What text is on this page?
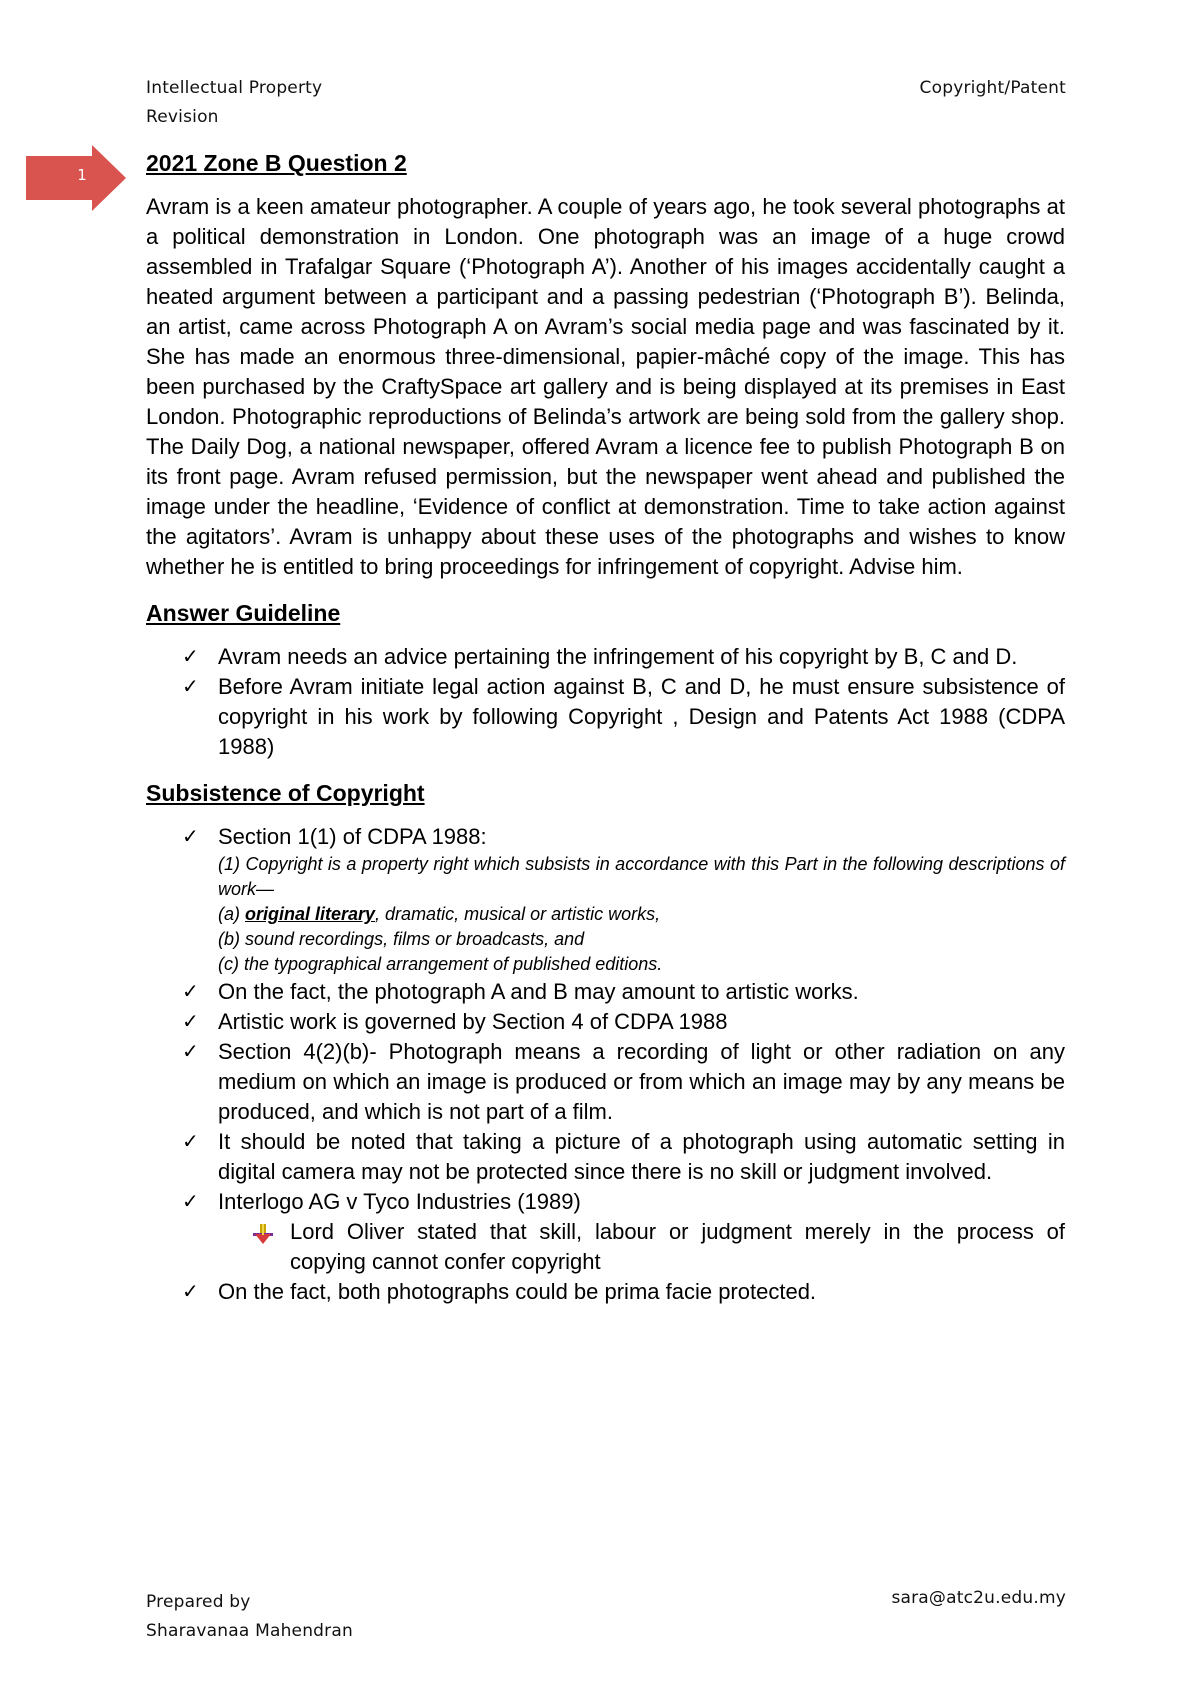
Intellectual Property
Revision
Copyright/Patent
1	2021 Zone B Question 2

Avram is a keen amateur photographer. A couple of years ago, he took several photographs at a political demonstration in London. One photograph was an image of a huge crowd assembled in Trafalgar Square (‘Photograph A’). Another of his images accidentally caught a heated argument between a participant and a passing pedestrian (‘Photograph B’). Belinda, an artist, came across Photograph A on Avram’s social media page and was fascinated by it. She has made an enormous three-dimensional, papier-mâché copy of the image. This has been purchased by the CraftySpace art gallery and is being displayed at its premises in East London. Photographic reproductions of Belinda’s artwork are being sold from the gallery shop. The Daily Dog, a national newspaper, offered Avram a licence fee to publish Photograph B on its front page. Avram refused permission, but the newspaper went ahead and published the image under the headline, ‘Evidence of conflict at demonstration. Time to take action against the agitators’. Avram is unhappy about these uses of the photographs and wishes to know whether he is entitled to bring proceedings for infringement of copyright. Advise him.

Answer Guideline
✓ Avram needs an advice pertaining the infringement of his copyright by B, C and D.
✓ Before Avram initiate legal action against B, C and D, he must ensure subsistence of copyright in his work by following Copyright , Design and Patents Act 1988 (CDPA 1988)
Subsistence of Copyright
✓ Section 1(1) of CDPA 1988:
(1) Copyright is a property right which subsists in accordance with this Part in the following descriptions of work—
(a) original literary, dramatic, musical or artistic works,
(b) sound recordings, films or broadcasts, and
(c) the typographical arrangement of published editions.
✓ On the fact, the photograph A and B may amount to artistic works.
✓ Artistic work is governed by Section 4 of CDPA 1988
✓ Section 4(2)(b)- Photograph means a recording of light or other radiation on any medium on which an image is produced or from which an image may by any means be produced, and which is not part of a film.
✓ It should be noted that taking a picture of a photograph using automatic setting in digital camera may not be protected since there is no skill or judgment involved.
✓ Interlogo AG v Tyco Industries (1989)
Lord Oliver stated that skill, labour or judgment merely in the process of copying cannot confer copyright
✓ On the fact, both photographs could be prima facie protected.
Prepared by
Sharavanaa Mahendran
sara@atc2u.edu.my
